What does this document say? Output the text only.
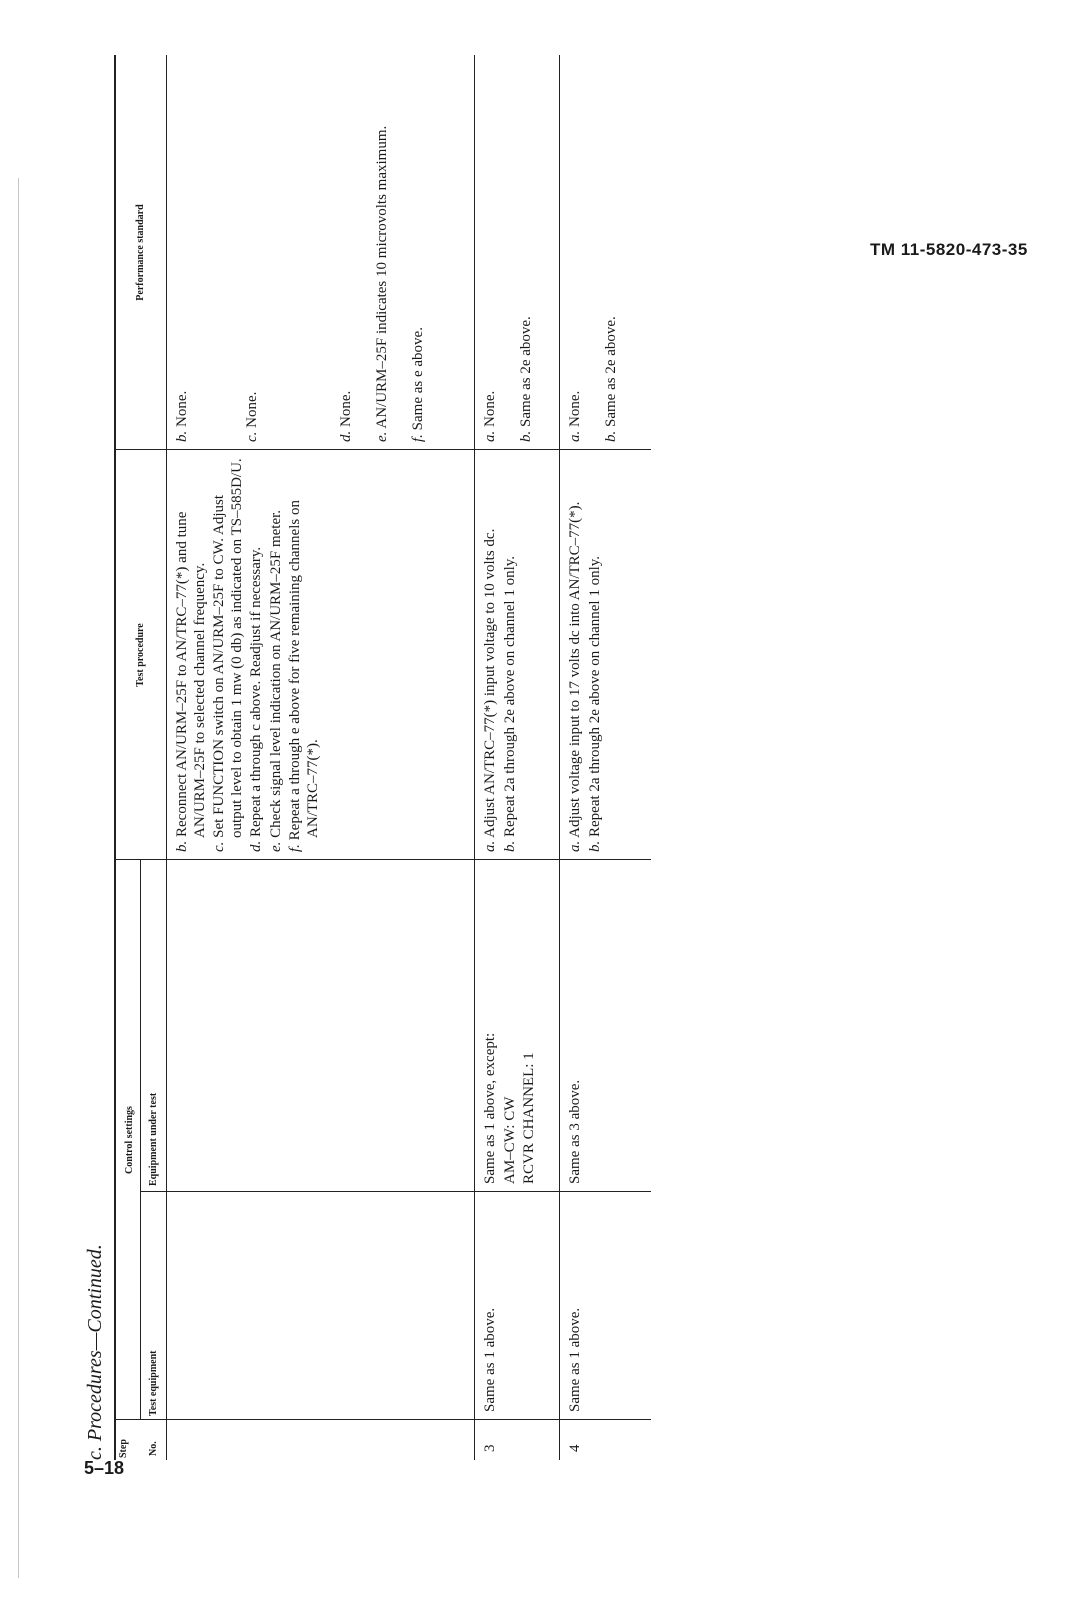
TM 11-5820-473-35
5–18
c. Procedures—Continued.
Step
Control settings
No.
Test equipment
Equipment under test
Test procedure
Performance standard
b. Reconnect AN/URM–25F to AN/TRC–77(*) and tune AN/URM–25F to selected channel frequency.
c. Set FUNCTION switch on AN/URM–25F to CW. Adjust output level to obtain 1 mw (0 db) as indicated on TS–585D/U.
d. Repeat a through c above. Readjust if necessary.
e. Check signal level indication on AN/URM–25F meter.
f. Repeat a through e above for five remaining channels on AN/TRC–77(*).
b. None.
c. None.
d. None.
e. AN/URM–25F indicates 10 microvolts maximum.
f. Same as e above.
3
Same as 1 above.
Same as 1 above, except: AM–CW: CW RCVR CHANNEL: 1
a. Adjust AN/TRC–77(*) input voltage to 10 volts dc.
b. Repeat 2a through 2e above on channel 1 only.
a. None.
b. Same as 2e above.
4
Same as 1 above.
Same as 3 above.
a. Adjust voltage input to 17 volts dc into AN/TRC–77(*).
b. Repeat 2a through 2e above on channel 1 only.
a. None.
b. Same as 2e above.
